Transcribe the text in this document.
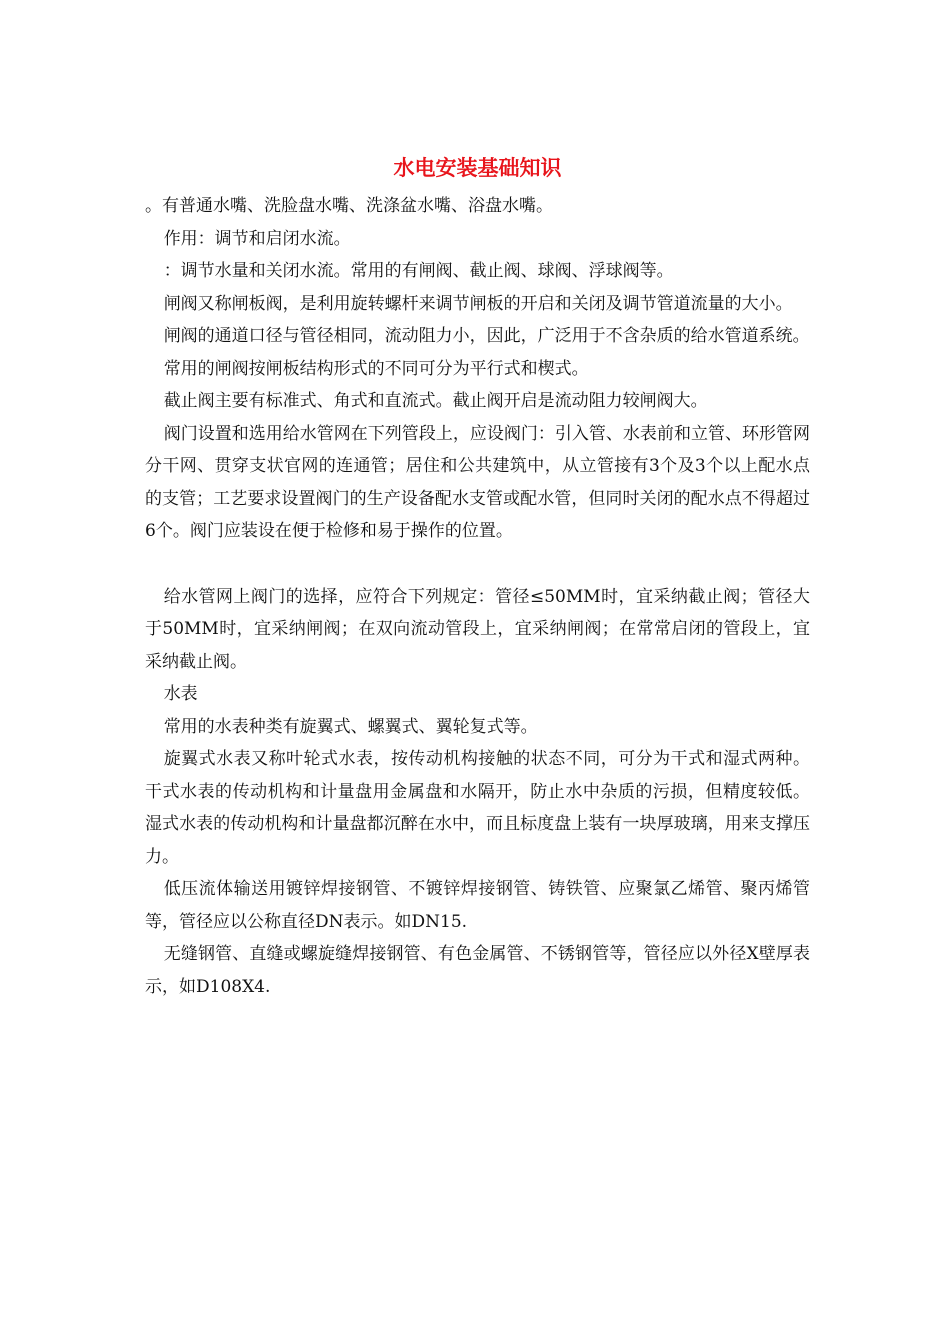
水电安装基础知识

。有普通水嘴、洗脸盘水嘴、洗涤盆水嘴、浴盘水嘴。

作用：调节和启闭水流。

：调节水量和关闭水流。常用的有闸阀、截止阀、球阀、浮球阀等。

闸阀又称闸板阀，是利用旋转螺杆来调节闸板的开启和关闭及调节管道流量的大小。

闸阀的通道口径与管径相同，流动阻力小，因此，广泛用于不含杂质的给水管道系统。

常用的闸阀按闸板结构形式的不同可分为平行式和楔式。

截止阀主要有标准式、角式和直流式。截止阀开启是流动阻力较闸阀大。

阀门设置和选用给水管网在下列管段上，应设阀门：引入管、水表前和立管、环形管网分干网、贯穿支状官网的连通管；居住和公共建筑中，从立管接有3个及3个以上配水点的支管；工艺要求设置阀门的生产设备配水支管或配水管，但同时关闭的配水点不得超过6个。阀门应装设在便于检修和易于操作的位置。

给水管网上阀门的选择，应符合下列规定：管径≤50MM时，宜采纳截止阀；管径大于50MM时，宜采纳闸阀；在双向流动管段上，宜采纳闸阀；在常常启闭的管段上，宜采纳截止阀。

水表

常用的水表种类有旋翼式、螺翼式、翼轮复式等。

旋翼式水表又称叶轮式水表，按传动机构接触的状态不同，可分为干式和湿式两种。 干式水表的传动机构和计量盘用金属盘和水隔开，防止水中杂质的污损，但精度较低。 湿式水表的传动机构和计量盘都沉醉在水中，而且标度盘上装有一块厚玻璃，用来支撑压力。

低压流体输送用镀锌焊接钢管、不镀锌焊接钢管、铸铁管、应聚氯乙烯管、聚丙烯管等，管径应以公称直径DN表示。如DN15.

无缝钢管、直缝或螺旋缝焊接钢管、有色金属管、不锈钢管等，管径应以外径X壁厚表示，如D108X4.
